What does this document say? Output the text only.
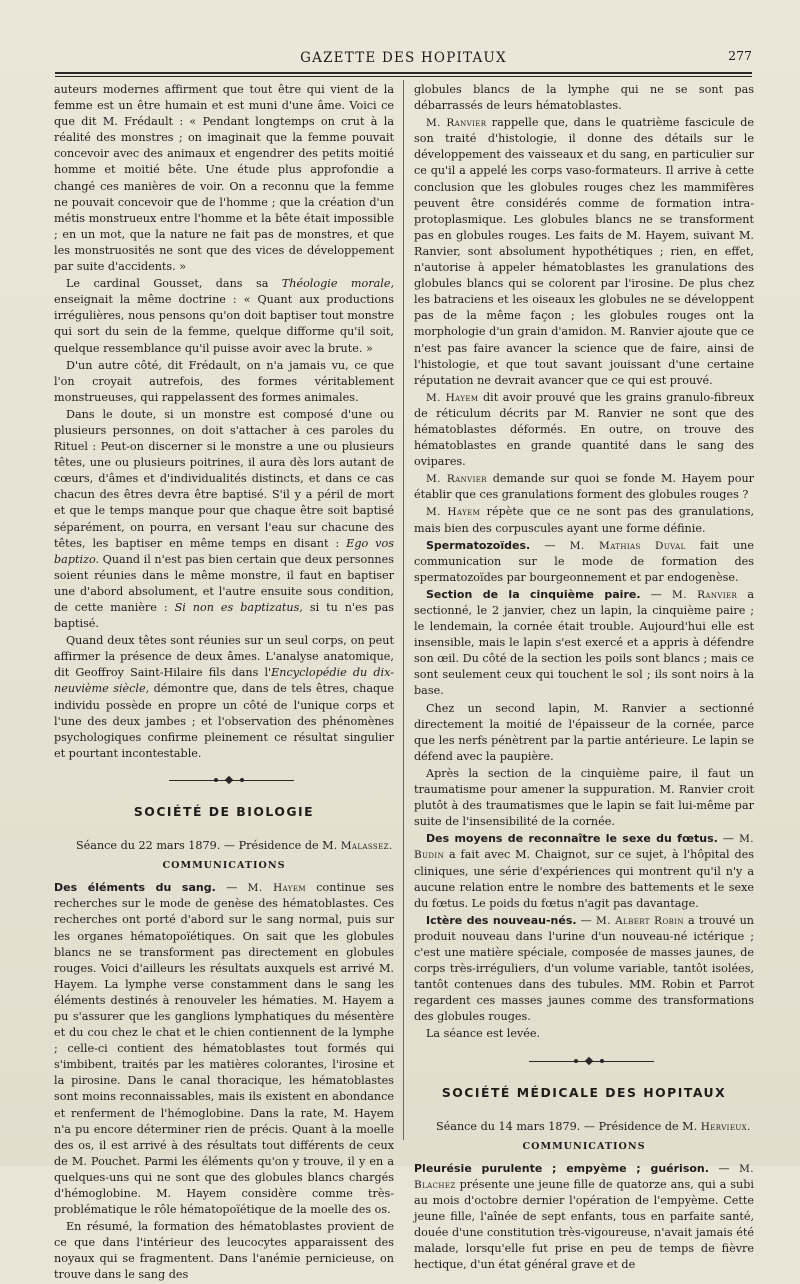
GAZETTE DES HOPITAUX	277

auteurs modernes affirment que tout être qui vient de la femme est un être humain et est muni d'une âme. Voici ce que dit M. Frédault : « Pendant longtemps on crut à la réalité des monstres ; on imaginait que la femme pouvait concevoir avec des animaux et engendrer des petits moitié homme et moitié bête. Une étude plus approfondie a changé ces manières de voir. On a reconnu que la femme ne pouvait concevoir que de l'homme ; que la création d'un métis monstrueux entre l'homme et la bête était impossible ; en un mot, que la nature ne fait pas de monstres, et que les monstruosités ne sont que des vices de développement par suite d'accidents. »

Le cardinal Gousset, dans sa Théologie morale, enseignait la même doctrine : « Quant aux productions irrégulières, nous pensons qu'on doit baptiser tout monstre qui sort du sein de la femme, quelque difforme qu'il soit, quelque ressemblance qu'il puisse avoir avec la brute. »

D'un autre côté, dit Frédault, on n'a jamais vu, ce que l'on croyait autrefois, des formes véritablement monstrueuses, qui rappelassent des formes animales.

Dans le doute, si un monstre est composé d'une ou plusieurs personnes, on doit s'attacher à ces paroles du Rituel : Peut-on discerner si le monstre a une ou plusieurs têtes, une ou plusieurs poitrines, il aura dès lors autant de cœurs, d'âmes et d'individualités distincts, et dans ce cas chacun des êtres devra être baptisé. S'il y a péril de mort et que le temps manque pour que chaque être soit baptisé séparément, on pourra, en versant l'eau sur chacune des têtes, les baptiser en même temps en disant : Ego vos baptizo. Quand il n'est pas bien certain que deux personnes soient réunies dans le même monstre, il faut en baptiser une d'abord absolument, et l'autre ensuite sous condition, de cette manière : Si non es baptizatus, si tu n'es pas baptisé.

Quand deux têtes sont réunies sur un seul corps, on peut affirmer la présence de deux âmes. L'analyse anatomique, dit Geoffroy Saint-Hilaire fils dans l'Encyclopédie du dix-neuvième siècle, démontre que, dans de tels êtres, chaque individu possède en propre un côté de l'unique corps et l'une des deux jambes ; et l'observation des phénomènes psychologiques confirme pleinement ce résultat singulier et pourtant incontestable.

SOCIÉTÉ DE BIOLOGIE

Séance du 22 mars 1879. — Présidence de M. Malassez.

COMMUNICATIONS

Des éléments du sang. — M. Hayem continue ses recherches sur le mode de genèse des hématoblastes. Ces recherches ont porté d'abord sur le sang normal, puis sur les organes hématopoïétiques. On sait que les globules blancs ne se transforment pas directement en globules rouges. Voici d'ailleurs les résultats auxquels est arrivé M. Hayem. La lymphe verse constamment dans le sang les éléments destinés à renouveler les hématies. M. Hayem a pu s'assurer que les ganglions lymphatiques du mésentère et du cou chez le chat et le chien contiennent de la lymphe ; celle-ci contient des hématoblastes tout formés qui s'imbibent, traités par les matières colorantes, l'irosine et la pirosine. Dans le canal thoracique, les hématoblastes sont moins reconnaissables, mais ils existent en abondance et renferment de l'hémoglobine. Dans la rate, M. Hayem n'a pu encore déterminer rien de précis. Quant à la moelle des os, il est arrivé à des résultats tout différents de ceux de M. Pouchet. Parmi les éléments qu'on y trouve, il y en a quelques-uns qui ne sont que des globules blancs chargés d'hémoglobine. M. Hayem considère comme très-problématique le rôle hématopoïétique de la moelle des os.

En résumé, la formation des hématoblastes provient de ce que dans l'intérieur des leucocytes apparaissent des noyaux qui se fragmentent. Dans l'anémie pernicieuse, on trouve dans le sang des

globules blancs de la lymphe qui ne se sont pas débarrassés de leurs hématoblastes.

M. Ranvier rappelle que, dans le quatrième fascicule de son traité d'histologie, il donne des détails sur le développement des vaisseaux et du sang, en particulier sur ce qu'il a appelé les corps vaso-formateurs. Il arrive à cette conclusion que les globules rouges chez les mammifères peuvent être considérés comme de formation intra-protoplasmique. Les globules blancs ne se transforment pas en globules rouges. Les faits de M. Hayem, suivant M. Ranvier, sont absolument hypothétiques ; rien, en effet, n'autorise à appeler hématoblastes les granulations des globules blancs qui se colorent par l'irosine. De plus chez les batraciens et les oiseaux les globules ne se développent pas de la même façon ; les globules rouges ont la morphologie d'un grain d'amidon. M. Ranvier ajoute que ce n'est pas faire avancer la science que de faire, ainsi de l'histologie, et que tout savant jouissant d'une certaine réputation ne devrait avancer que ce qui est prouvé.

M. Hayem dit avoir prouvé que les grains granulo-fibreux de réticulum décrits par M. Ranvier ne sont que des hématoblastes déformés. En outre, on trouve des hématoblastes en grande quantité dans le sang des ovipares.

M. Ranvier demande sur quoi se fonde M. Hayem pour établir que ces granulations forment des globules rouges ?

M. Hayem répète que ce ne sont pas des granulations, mais bien des corpuscules ayant une forme définie.

Spermatozoïdes. — M. Mathias Duval fait une communication sur le mode de formation des spermatozoïdes par bourgeonnement et par endogenèse.

Section de la cinquième paire. — M. Ranvier a sectionné, le 2 janvier, chez un lapin, la cinquième paire ; le lendemain, la cornée était trouble. Aujourd'hui elle est insensible, mais le lapin s'est exercé et a appris à défendre son œil. Du côté de la section les poils sont blancs ; mais ce sont seulement ceux qui touchent le sol ; ils sont noirs à la base.

Chez un second lapin, M. Ranvier a sectionné directement la moitié de l'épaisseur de la cornée, parce que les nerfs pénètrent par la partie antérieure. Le lapin se défend avec la paupière.

Après la section de la cinquième paire, il faut un traumatisme pour amener la suppuration. M. Ranvier croit plutôt à des traumatismes que le lapin se fait lui-même par suite de l'insensibilité de la cornée.

Des moyens de reconnaître le sexe du fœtus. — M. Budin a fait avec M. Chaignot, sur ce sujet, à l'hôpital des cliniques, une série d'expériences qui montrent qu'il n'y a aucune relation entre le nombre des battements et le sexe du fœtus. Le poids du fœtus n'agit pas davantage.

Ictère des nouveau-nés. — M. Albert Robin a trouvé un produit nouveau dans l'urine d'un nouveau-né ictérique ; c'est une matière spéciale, composée de masses jaunes, de corps très-irréguliers, d'un volume variable, tantôt isolées, tantôt contenues dans des tubules. MM. Robin et Parrot regardent ces masses jaunes comme des transformations des globules rouges.

La séance est levée.

SOCIÉTÉ MÉDICALE DES HOPITAUX

Séance du 14 mars 1879. — Présidence de M. Hervieux.

COMMUNICATIONS

Pleurésie purulente ; empyème ; guérison. — M. Blachez présente une jeune fille de quatorze ans, qui a subi au mois d'octobre dernier l'opération de l'empyème. Cette jeune fille, l'aînée de sept enfants, tous en parfaite santé, douée d'une constitution très-vigoureuse, n'avait jamais été malade, lorsqu'elle fut prise en peu de temps de fièvre hectique, d'un état général grave et de
